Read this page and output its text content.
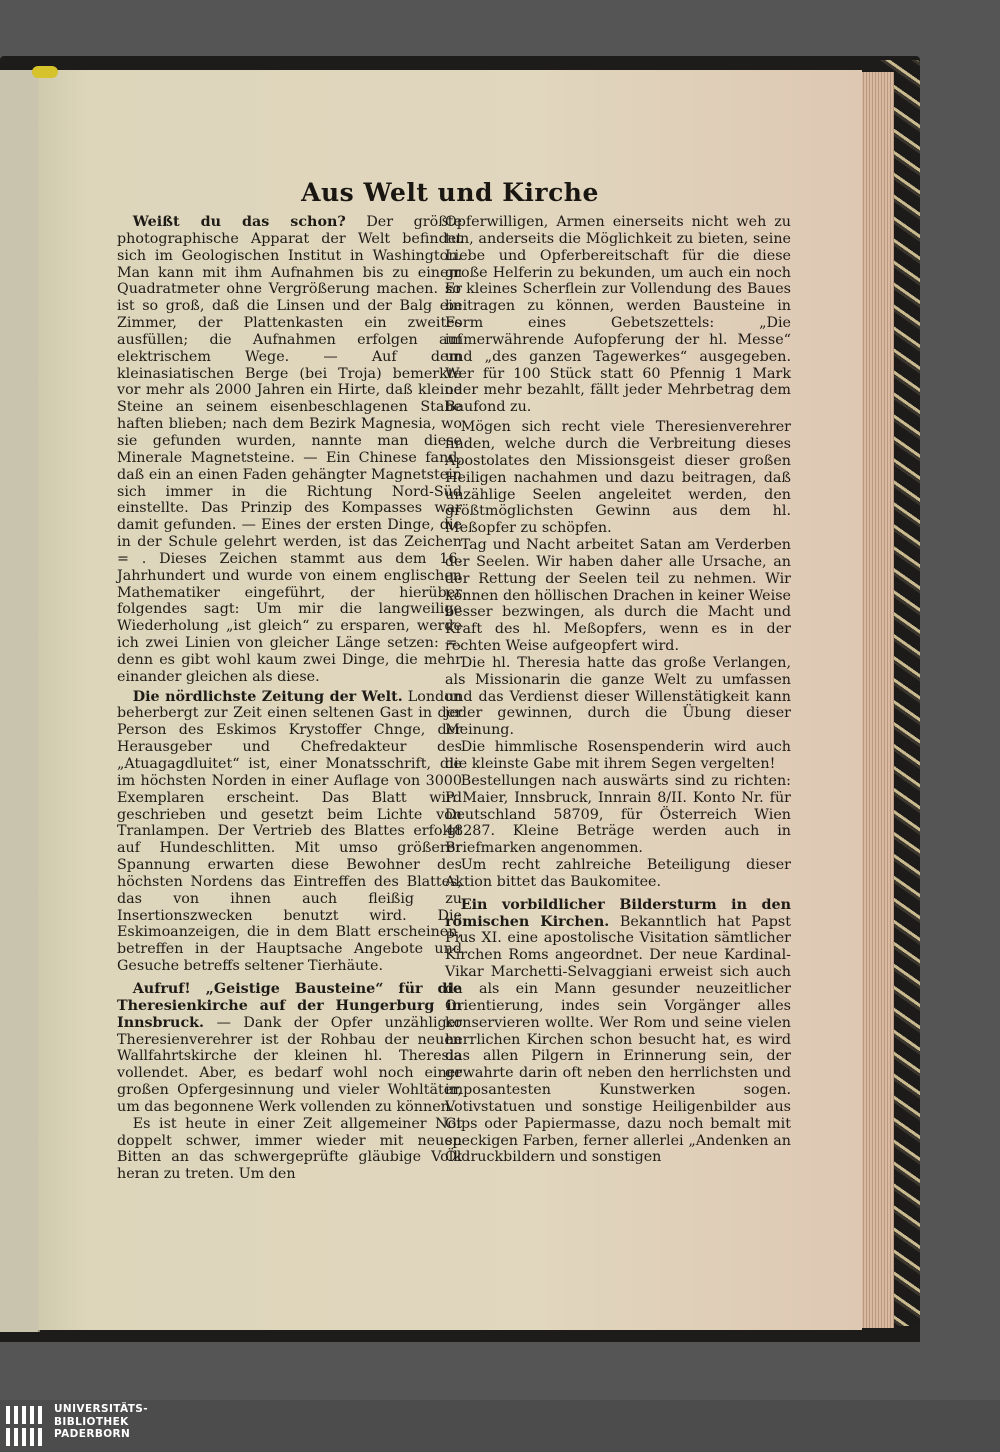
Aus Welt und Kirche

Weißt du das schon? Der größte photographische Apparat der Welt befindet sich im Geologischen Institut in Washington. Man kann mit ihm Aufnahmen bis zu einem Quadratmeter ohne Vergrößerung machen. Er ist so groß, daß die Linsen und der Balg ein Zimmer, der Plattenkasten ein zweites ausfüllen; die Aufnahmen erfolgen auf elektrischem Wege. — Auf dem kleinasiatischen Berge (bei Troja) bemerkte vor mehr als 2000 Jahren ein Hirte, daß kleine Steine an seinem eisenbeschlagenen Stabe haften blieben; nach dem Bezirk Magnesia, wo sie gefunden wurden, nannte man diese Minerale Magnetsteine. — Ein Chinese fand, daß ein an einen Faden gehängter Magnetstein sich immer in die Richtung Nord-Süd einstellte. Das Prinzip des Kompasses war damit gefunden. — Eines der ersten Dinge, die in der Schule gelehrt werden, ist das Zeichen = . Dieses Zeichen stammt aus dem 16. Jahrhundert und wurde von einem englischen Mathematiker eingeführt, der hierüber folgendes sagt: Um mir die langweilige Wiederholung „ist gleich“ zu ersparen, werde ich zwei Linien von gleicher Länge setzen: =, denn es gibt wohl kaum zwei Dinge, die mehr einander gleichen als diese.

Die nördlichste Zeitung der Welt. London beherbergt zur Zeit einen seltenen Gast in der Person des Eskimos Krystoffer Chnge, der Herausgeber und Chefredakteur des „Atuagagdluitet“ ist, einer Monatsschrift, die im höchsten Norden in einer Auflage von 3000 Exemplaren erscheint. Das Blatt wird geschrieben und gesetzt beim Lichte von Tranlampen. Der Vertrieb des Blattes erfolgt auf Hundeschlitten. Mit umso größerer Spannung erwarten diese Bewohner des höchsten Nordens das Eintreffen des Blattes, das von ihnen auch fleißig zu Insertionszwecken benutzt wird. Die Eskimoanzeigen, die in dem Blatt erscheinen, betreffen in der Hauptsache Angebote und Gesuche betreffs seltener Tierhäute.

Aufruf! „Geistige Bausteine“ für die Theresienkirche auf der Hungerburg in Innsbruck. — Dank der Opfer unzähliger Theresienverehrer ist der Rohbau der neuen Wallfahrtskirche der kleinen hl. Theresia vollendet. Aber, es bedarf wohl noch einer großen Opfergesinnung und vieler Wohltäter, um das begonnene Werk vollenden zu können.

Es ist heute in einer Zeit allgemeiner Not doppelt schwer, immer wieder mit neuen Bitten an das schwergeprüfte gläubige Volk heran zu treten. Um den

Opferwilligen, Armen einerseits nicht weh zu tun, anderseits die Möglichkeit zu bieten, seine Liebe und Opferbereitschaft für die diese große Helferin zu bekunden, um auch ein noch so kleines Scherflein zur Vollendung des Baues beitragen zu können, werden Bausteine in Form eines Gebetszettels: „Die immerwährende Aufopferung der hl. Messe“ und „des ganzen Tagewerkes“ ausgegeben. Wer für 100 Stück statt 60 Pfennig 1 Mark oder mehr bezahlt, fällt jeder Mehrbetrag dem Baufond zu.

Mögen sich recht viele Theresienverehrer finden, welche durch die Verbreitung dieses Apostolates den Missionsgeist dieser großen Heiligen nachahmen und dazu beitragen, daß unzählige Seelen angeleitet werden, den größtmöglichsten Gewinn aus dem hl. Meßopfer zu schöpfen.

Tag und Nacht arbeitet Satan am Verderben der Seelen. Wir haben daher alle Ursache, an der Rettung der Seelen teil zu nehmen. Wir können den höllischen Drachen in keiner Weise besser bezwingen, als durch die Macht und Kraft des hl. Meßopfers, wenn es in der rechten Weise aufgeopfert wird.

Die hl. Theresia hatte das große Verlangen, als Missionarin die ganze Welt zu umfassen und das Verdienst dieser Willenstätigkeit kann jeder gewinnen, durch die Übung dieser Meinung.

Die himmlische Rosenspenderin wird auch die kleinste Gabe mit ihrem Segen vergelten!

Bestellungen nach auswärts sind zu richten: P. Maier, Innsbruck, Innrain 8/II. Konto Nr. für Deutschland 58709, für Österreich Wien 48287. Kleine Beträge werden auch in Briefmarken angenommen.

Um recht zahlreiche Beteiligung dieser Aktion bittet das Baukomitee.

Ein vorbildlicher Bildersturm in den römischen Kirchen. Bekanntlich hat Papst Pius XI. eine apostolische Visitation sämtlicher Kirchen Roms angeordnet. Der neue Kardinal-Vikar Marchetti-Selvaggiani erweist sich auch da als ein Mann gesunder neuzeitlicher Orientierung, indes sein Vorgänger alles konservieren wollte. Wer Rom und seine vielen herrlichen Kirchen schon besucht hat, es wird das allen Pilgern in Erinnerung sein, der gewahrte darin oft neben den herrlichsten und imposantesten Kunstwerken sogen. Votivstatuen und sonstige Heiligenbilder aus Gips oder Papiermasse, dazu noch bemalt mit speckigen Farben, ferner allerlei „Andenken an Öldruckbildern und sonstigen

UNIVERSITÄTS-
BIBLIOTHEK
PADERBORN
